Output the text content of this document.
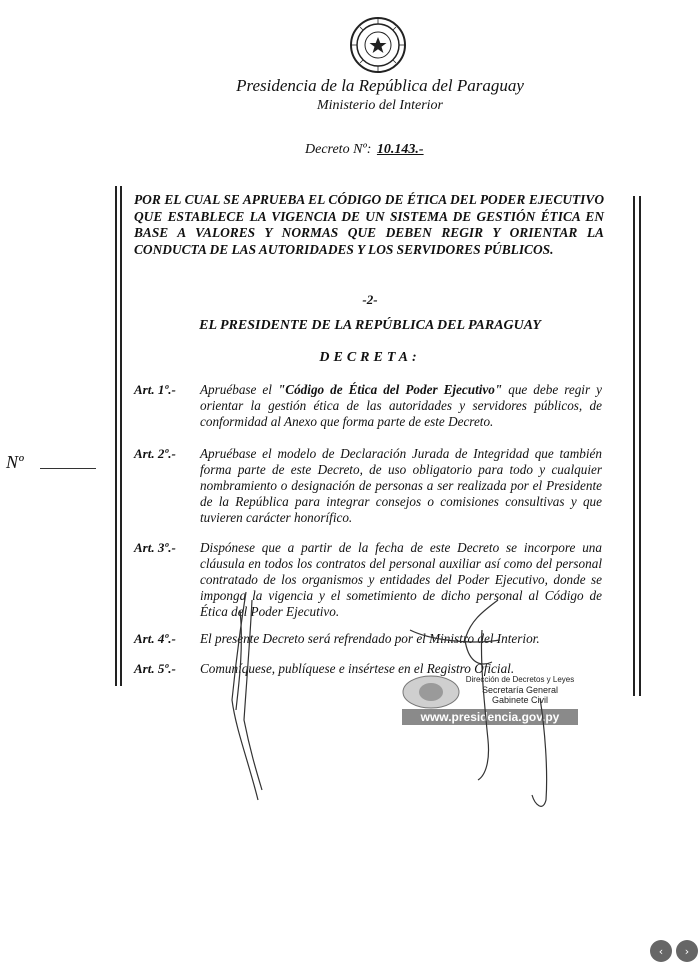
Presidencia de la República del Paraguay
Ministerio del Interior
Decreto Nº: 10.143.-
POR EL CUAL SE APRUEBA EL CÓDIGO DE ÉTICA DEL PODER EJECUTIVO QUE ESTABLECE LA VIGENCIA DE UN SISTEMA DE GESTIÓN ÉTICA EN BASE A VALORES Y NORMAS QUE DEBEN REGIR Y ORIENTAR LA CONDUCTA DE LAS AUTORIDADES Y LOS SERVIDORES PÚBLICOS.
-2-
EL PRESIDENTE DE LA REPÚBLICA DEL PARAGUAY
DECRETA:
Art. 1º.- Apruébase el "Código de Ética del Poder Ejecutivo" que debe regir y orientar la gestión ética de las autoridades y servidores públicos, de conformidad al Anexo que forma parte de este Decreto.
Art. 2º.- Apruébase el modelo de Declaración Jurada de Integridad que también forma parte de este Decreto, de uso obligatorio para todo y cualquier nombramiento o designación de personas a ser realizada por el Presidente de la República para integrar consejos o comisiones consultivas y que tuvieren carácter honorífico.
Art. 3º.- Dispónese que a partir de la fecha de este Decreto se incorpore una cláusula en todos los contratos del personal auxiliar así como del personal contratado de los organismos y entidades del Poder Ejecutivo, donde se imponga la vigencia y el sometimiento de dicho personal al Código de Ética del Poder Ejecutivo.
Art. 4º.- El presente Decreto será refrendado por el Ministro del Interior.
Art. 5º.- Comuníquese, publíquese e insértese en el Registro Oficial.
Nº
Dirección de Decretos y Leyes
Secretaría General
Gabinete Civil
www.presidencia.gov.py
‹	›
